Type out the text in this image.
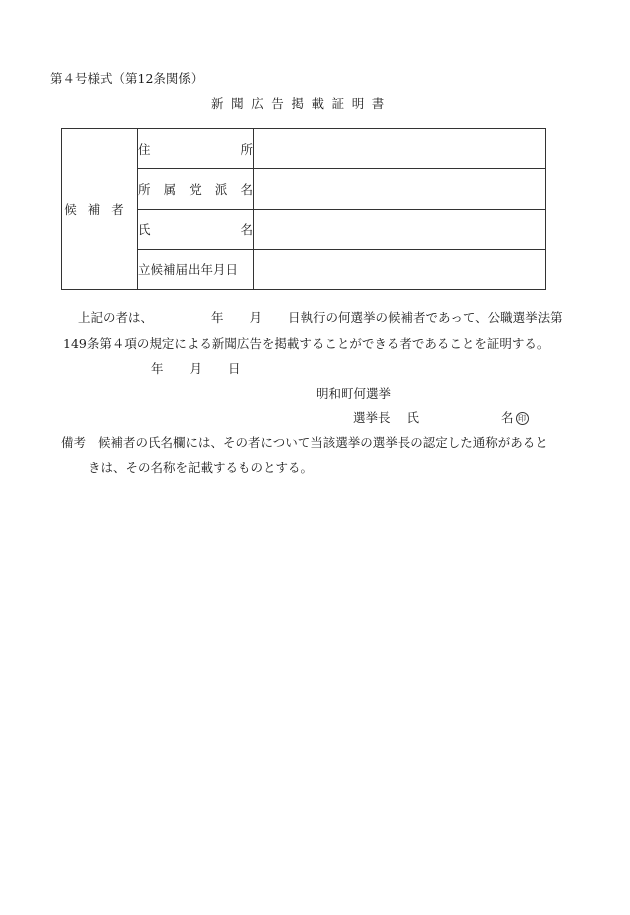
第４号様式（第12条関係）
新聞広告掲載証明書
候補者	住 所	

	所 属 党 派 名	

	氏 名	

	立候補届出年月日	
上記の者は、	年 月 日執行の何選挙の候補者であって、公職選挙法第
149条第４項の規定による新聞広告を掲載することができる者であることを証明する。
年 月 日
明和町何選挙
選挙長 氏	名 印
備考 候補者の氏名欄には、その者について当該選挙の選挙長の認定した通称があると
きは、その名称を記載するものとする。
